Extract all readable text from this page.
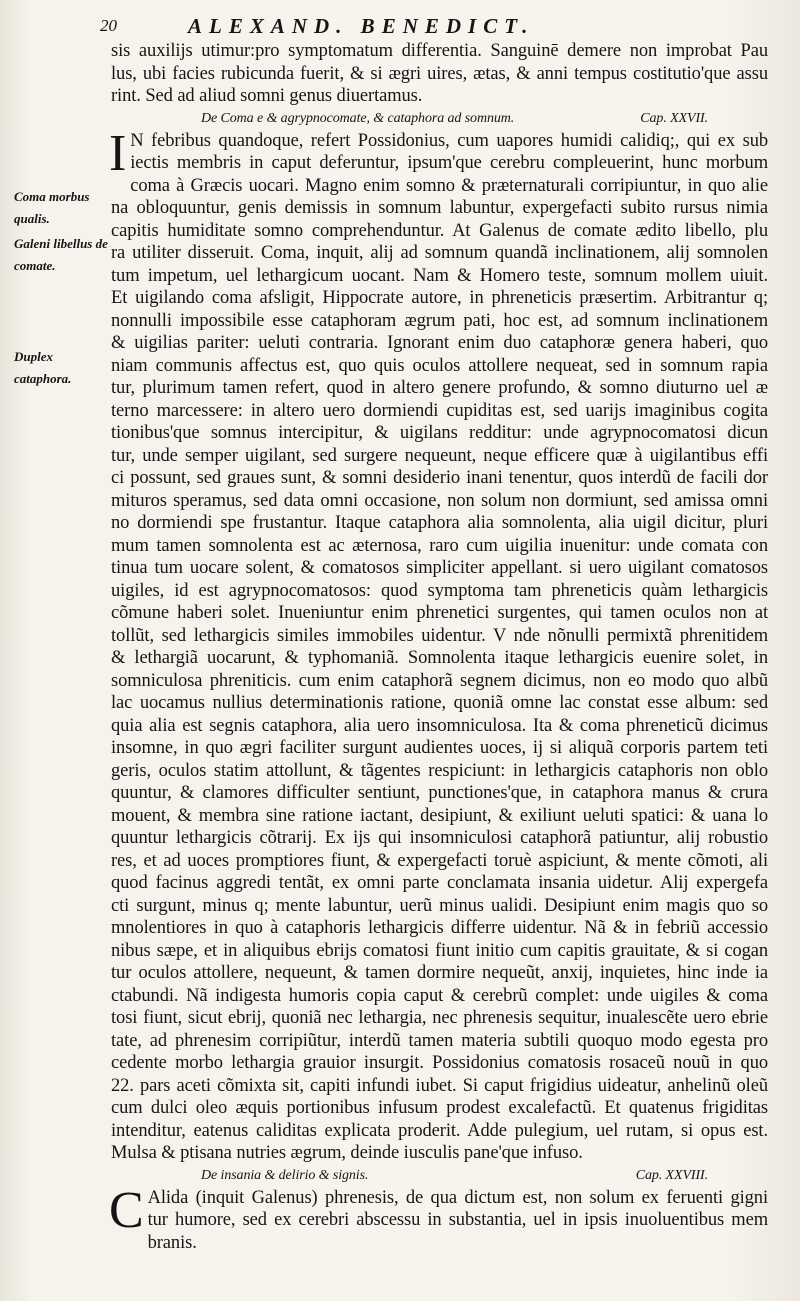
20	ALEXAND. BENEDICT.
Coma morbus qualis.
Galeni libellus de comate.
Duplex cataphora.
sis auxilijs utimur:pro symptomatum differentia. Sanguinē demere non improbat Pau
lus, ubi facies rubicunda fuerit, & si ægri uires, ætas, & anni tempus costitutio'que assu
rint. Sed ad aliud somni genus diuertamus.
De Coma e & agrypnocomate, & cataphora ad somnum.	Cap. XXVII.
I N febribus quandoque, refert Possidonius, cum uapores humidi calidiq;, qui ex sub
iectis membris in caput deferuntur, ipsum'que cerebru compleuerint, hunc morbum
coma à Græcis uocari. Magno enim somno & præternaturali corripiuntur, in quo alie
na obloquuntur, genis demissis in somnum labuntur, expergefacti subito rursus nimia
capitis humiditate somno comprehenduntur. At Galenus de comate ædito libello, plu
ra utiliter disseruit. Coma, inquit, alij ad somnum quandã inclinationem, alij somnolen
tum impetum, uel lethargicum uocant. Nam & Homero teste, somnum mollem uiuit.
Et uigilando coma afsligit, Hippocrate autore, in phreneticis præsertim. Arbitrantur q;
nonnulli impossibile esse cataphoram ægrum pati, hoc est, ad somnum inclinationem
& uigilias pariter: ueluti contraria. Ignorant enim duo cataphoræ genera haberi, quo
niam communis affectus est, quo quis oculos attollere nequeat, sed in somnum rapia
tur, plurimum tamen refert, quod in altero genere profundo, & somno diuturno uel æ
terno marcessere: in altero uero dormiendi cupiditas est, sed uarijs imaginibus cogita
tionibus'que somnus intercipitur, & uigilans redditur: unde agrypnocomatosi dicun
tur, unde semper uigilant, sed surgere nequeunt, neque efficere quæ à uigilantibus effi
ci possunt, sed graues sunt, & somni desiderio inani tenentur, quos interdũ de facili dor
mituros speramus, sed data omni occasione, non solum non dormiunt, sed amissa omni
no dormiendi spe frustantur. Itaque cataphora alia somnolenta, alia uigil dicitur, pluri
mum tamen somnolenta est ac æternosa, raro cum uigilia inuenitur: unde comata con
tinua tum uocare solent, & comatosos simpliciter appellant. si uero uigilant comatosos
uigiles, id est agrypnocomatosos: quod symptoma tam phreneticis quàm lethargicis
cõmune haberi solet. Inueniuntur enim phrenetici surgentes, qui tamen oculos non at
tollũt, sed lethargicis similes immobiles uidentur. V nde nõnulli permixtã phrenitidem
& lethargiã uocarunt, & typhomaniã. Somnolenta itaque lethargicis euenire solet, in
somniculosa phreniticis. cum enim cataphorã segnem dicimus, non eo modo quo albũ
lac uocamus nullius determinationis ratione, quoniã omne lac constat esse album: sed
quia alia est segnis cataphora, alia uero insomniculosa. Ita & coma phreneticũ dicimus
insomne, in quo ægri faciliter surgunt audientes uoces, ij si aliquã corporis partem teti
geris, oculos statim attollunt, & tãgentes respiciunt: in lethargicis cataphoris non oblo
quuntur, & clamores difficulter sentiunt, punctiones'que, in cataphora manus & crura
mouent, & membra sine ratione iactant, desipiunt, & exiliunt ueluti spatici: & uana lo
quuntur lethargicis cõtrarij. Ex ijs qui insomniculosi cataphorã patiuntur, alij robustio
res, et ad uoces promptiores fiunt, & expergefacti toruè aspiciunt, & mente cõmoti, ali
quod facinus aggredi tentãt, ex omni parte conclamata insania uidetur. Alij expergefa
cti surgunt, minus q; mente labuntur, uerũ minus ualidi. Desipiunt enim magis quo so
mnolentiores in quo à cataphoris lethargicis differre uidentur. Nã & in febriũ accessio
nibus sæpe, et in aliquibus ebrijs comatosi fiunt initio cum capitis grauitate, & si cogan
tur oculos attollere, nequeunt, & tamen dormire nequeũt, anxij, inquietes, hinc inde ia
ctabundi. Nã indigesta humoris copia caput & cerebrũ complet: unde uigiles & coma
tosi fiunt, sicut ebrij, quoniã nec lethargia, nec phrenesis sequitur, inualescẽte uero ebrie
tate, ad phrenesim corripiũtur, interdũ tamen materia subtili quoquo modo egesta pro
cedente morbo lethargia grauior insurgit. Possidonius comatosis rosaceũ nouũ in quo
22. pars aceti cõmixta sit, capiti infundi iubet. Si caput frigidius uideatur, anhelinũ oleũ
cum dulci oleo æquis portionibus infusum prodest excalefactũ. Et quatenus frigiditas
intenditur, eatenus caliditas explicata proderit. Adde pulegium, uel rutam, si opus est.
Mulsa & ptisana nutries ægrum, deinde iusculis pane'que infuso.
De insania & delirio & signis.	Cap. XXVIII.
C Alida (inquit Galenus) phrenesis, de qua dictum est, non solum ex feruenti gigni
tur humore, sed ex cerebri abscessu in substantia, uel in ipsis inuoluentibus mem
branis.
